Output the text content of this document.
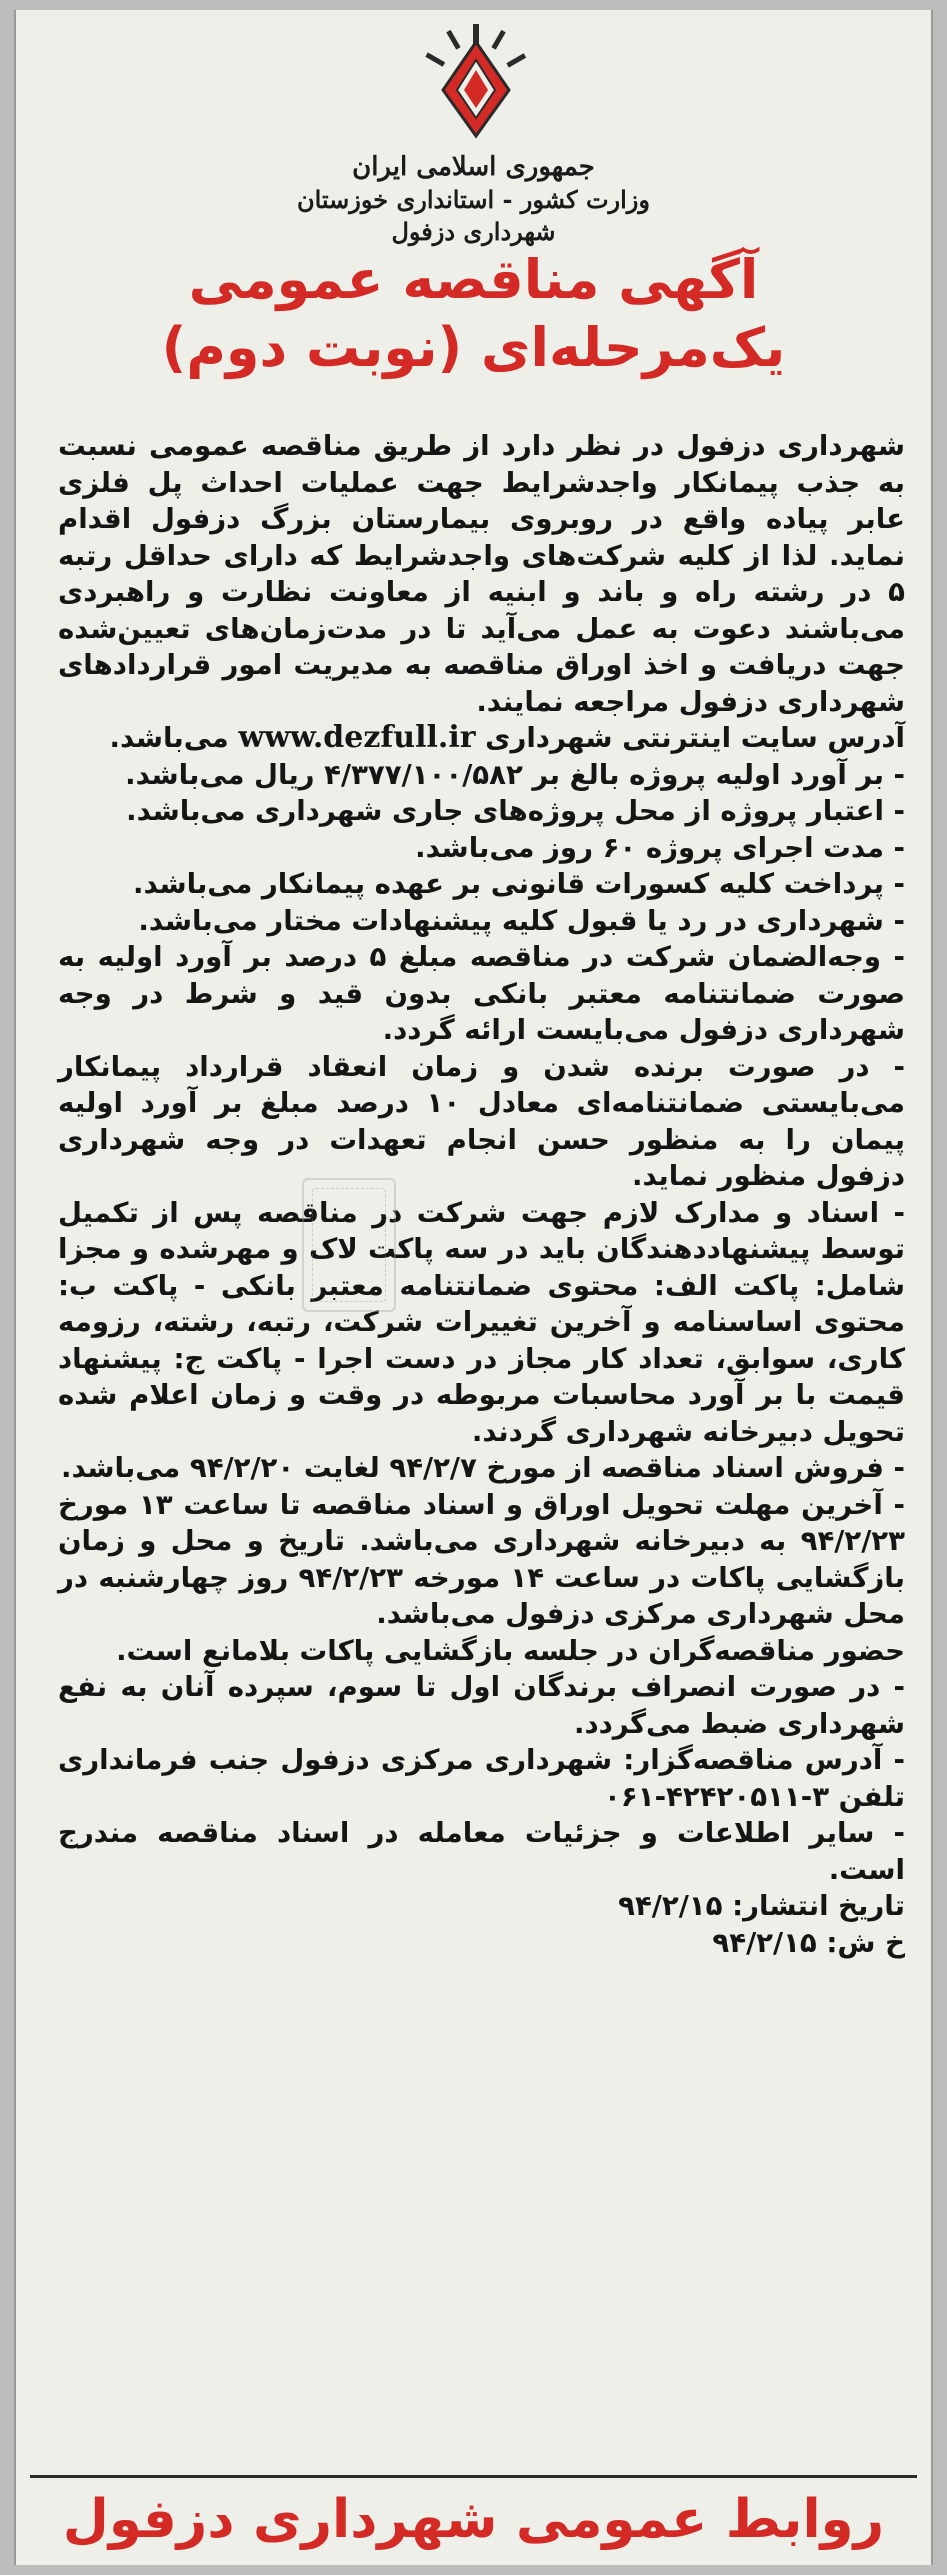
جمهوری اسلامی ایران
وزارت کشور - استانداری خوزستان
شهرداری دزفول
آگهی مناقصه عمومی
یک‌مرحله‌ای (نوبت دوم)

شهرداری دزفول در نظر دارد از طریق مناقصه عمومی نسبت به جذب پیمانکار واجدشرایط جهت عملیات احداث پل فلزی عابر پیاده واقع در روبروی بیمارستان بزرگ دزفول اقدام نماید. لذا از کلیه شرکت‌های واجدشرایط که دارای حداقل رتبه ۵ در رشته راه و باند و ابنیه از معاونت نظارت و راهبردی می‌باشند دعوت به عمل می‌آید تا در مدت‌زمان‌های تعیین‌شده جهت دریافت و اخذ اوراق مناقصه به مدیریت امور قراردادهای شهرداری دزفول مراجعه نمایند.

آدرس سایت اینترنتی شهرداری www.dezfull.ir می‌باشد.

- بر آورد اولیه پروژه بالغ بر ۴/۳۷۷/۱۰۰/۵۸۲ ریال می‌باشد.

- اعتبار پروژه از محل پروژه‌های جاری شهرداری می‌باشد.

- مدت اجرای پروژه ۶۰ روز می‌باشد.

- پرداخت کلیه کسورات قانونی بر عهده پیمانکار می‌باشد.

- شهرداری در رد یا قبول کلیه پیشنهادات مختار می‌باشد.

- وجه‌الضمان شرکت در مناقصه مبلغ ۵ درصد بر آورد اولیه به صورت ضمانتنامه معتبر بانکی بدون قید و شرط در وجه شهرداری دزفول می‌بایست ارائه گردد.

- در صورت برنده شدن و زمان انعقاد قرارداد پیمانکار می‌بایستی ضمانتنامه‌ای معادل ۱۰ درصد مبلغ بر آورد اولیه پیمان را به منظور حسن انجام تعهدات در وجه شهرداری دزفول منظور نماید.

- اسناد و مدارک لازم جهت شرکت در مناقصه پس از تکمیل توسط پیشنهاددهندگان باید در سه پاکت لاک و مهرشده و مجزا شامل: پاکت الف: محتوی ضمانتنامه معتبر بانکی - پاکت ب: محتوی اساسنامه و آخرین تغییرات شرکت، رتبه، رشته، رزومه کاری، سوابق، تعداد کار مجاز در دست اجرا - پاکت ج: پیشنهاد قیمت با بر آورد محاسبات مربوطه در وقت و زمان اعلام شده تحویل دبیرخانه شهرداری گردند.

- فروش اسناد مناقصه از مورخ ۹۴/۲/۷ لغایت ۹۴/۲/۲۰ می‌باشد.

- آخرین مهلت تحویل اوراق و اسناد مناقصه تا ساعت ۱۳ مورخ ۹۴/۲/۲۳ به دبیرخانه شهرداری می‌باشد. تاریخ و محل و زمان بازگشایی پاکات در ساعت ۱۴ مورخه ۹۴/۲/۲۳ روز چهارشنبه در محل شهرداری مرکزی دزفول می‌باشد.

حضور مناقصه‌گران در جلسه بازگشایی پاکات بلامانع است.

- در صورت انصراف برندگان اول تا سوم، سپرده آنان به نفع شهرداری ضبط می‌گردد.

- آدرس مناقصه‌گزار: شهرداری مرکزی دزفول جنب فرمانداری تلفن ۳-۴۲۴۲۰۵۱۱-۰۶۱

- سایر اطلاعات و جزئیات معامله در اسناد مناقصه مندرج است.

تاریخ انتشار: ۹۴/۲/۱۵

خ ش: ۹۴/۲/۱۵

روابط عمومی شهرداری دزفول
